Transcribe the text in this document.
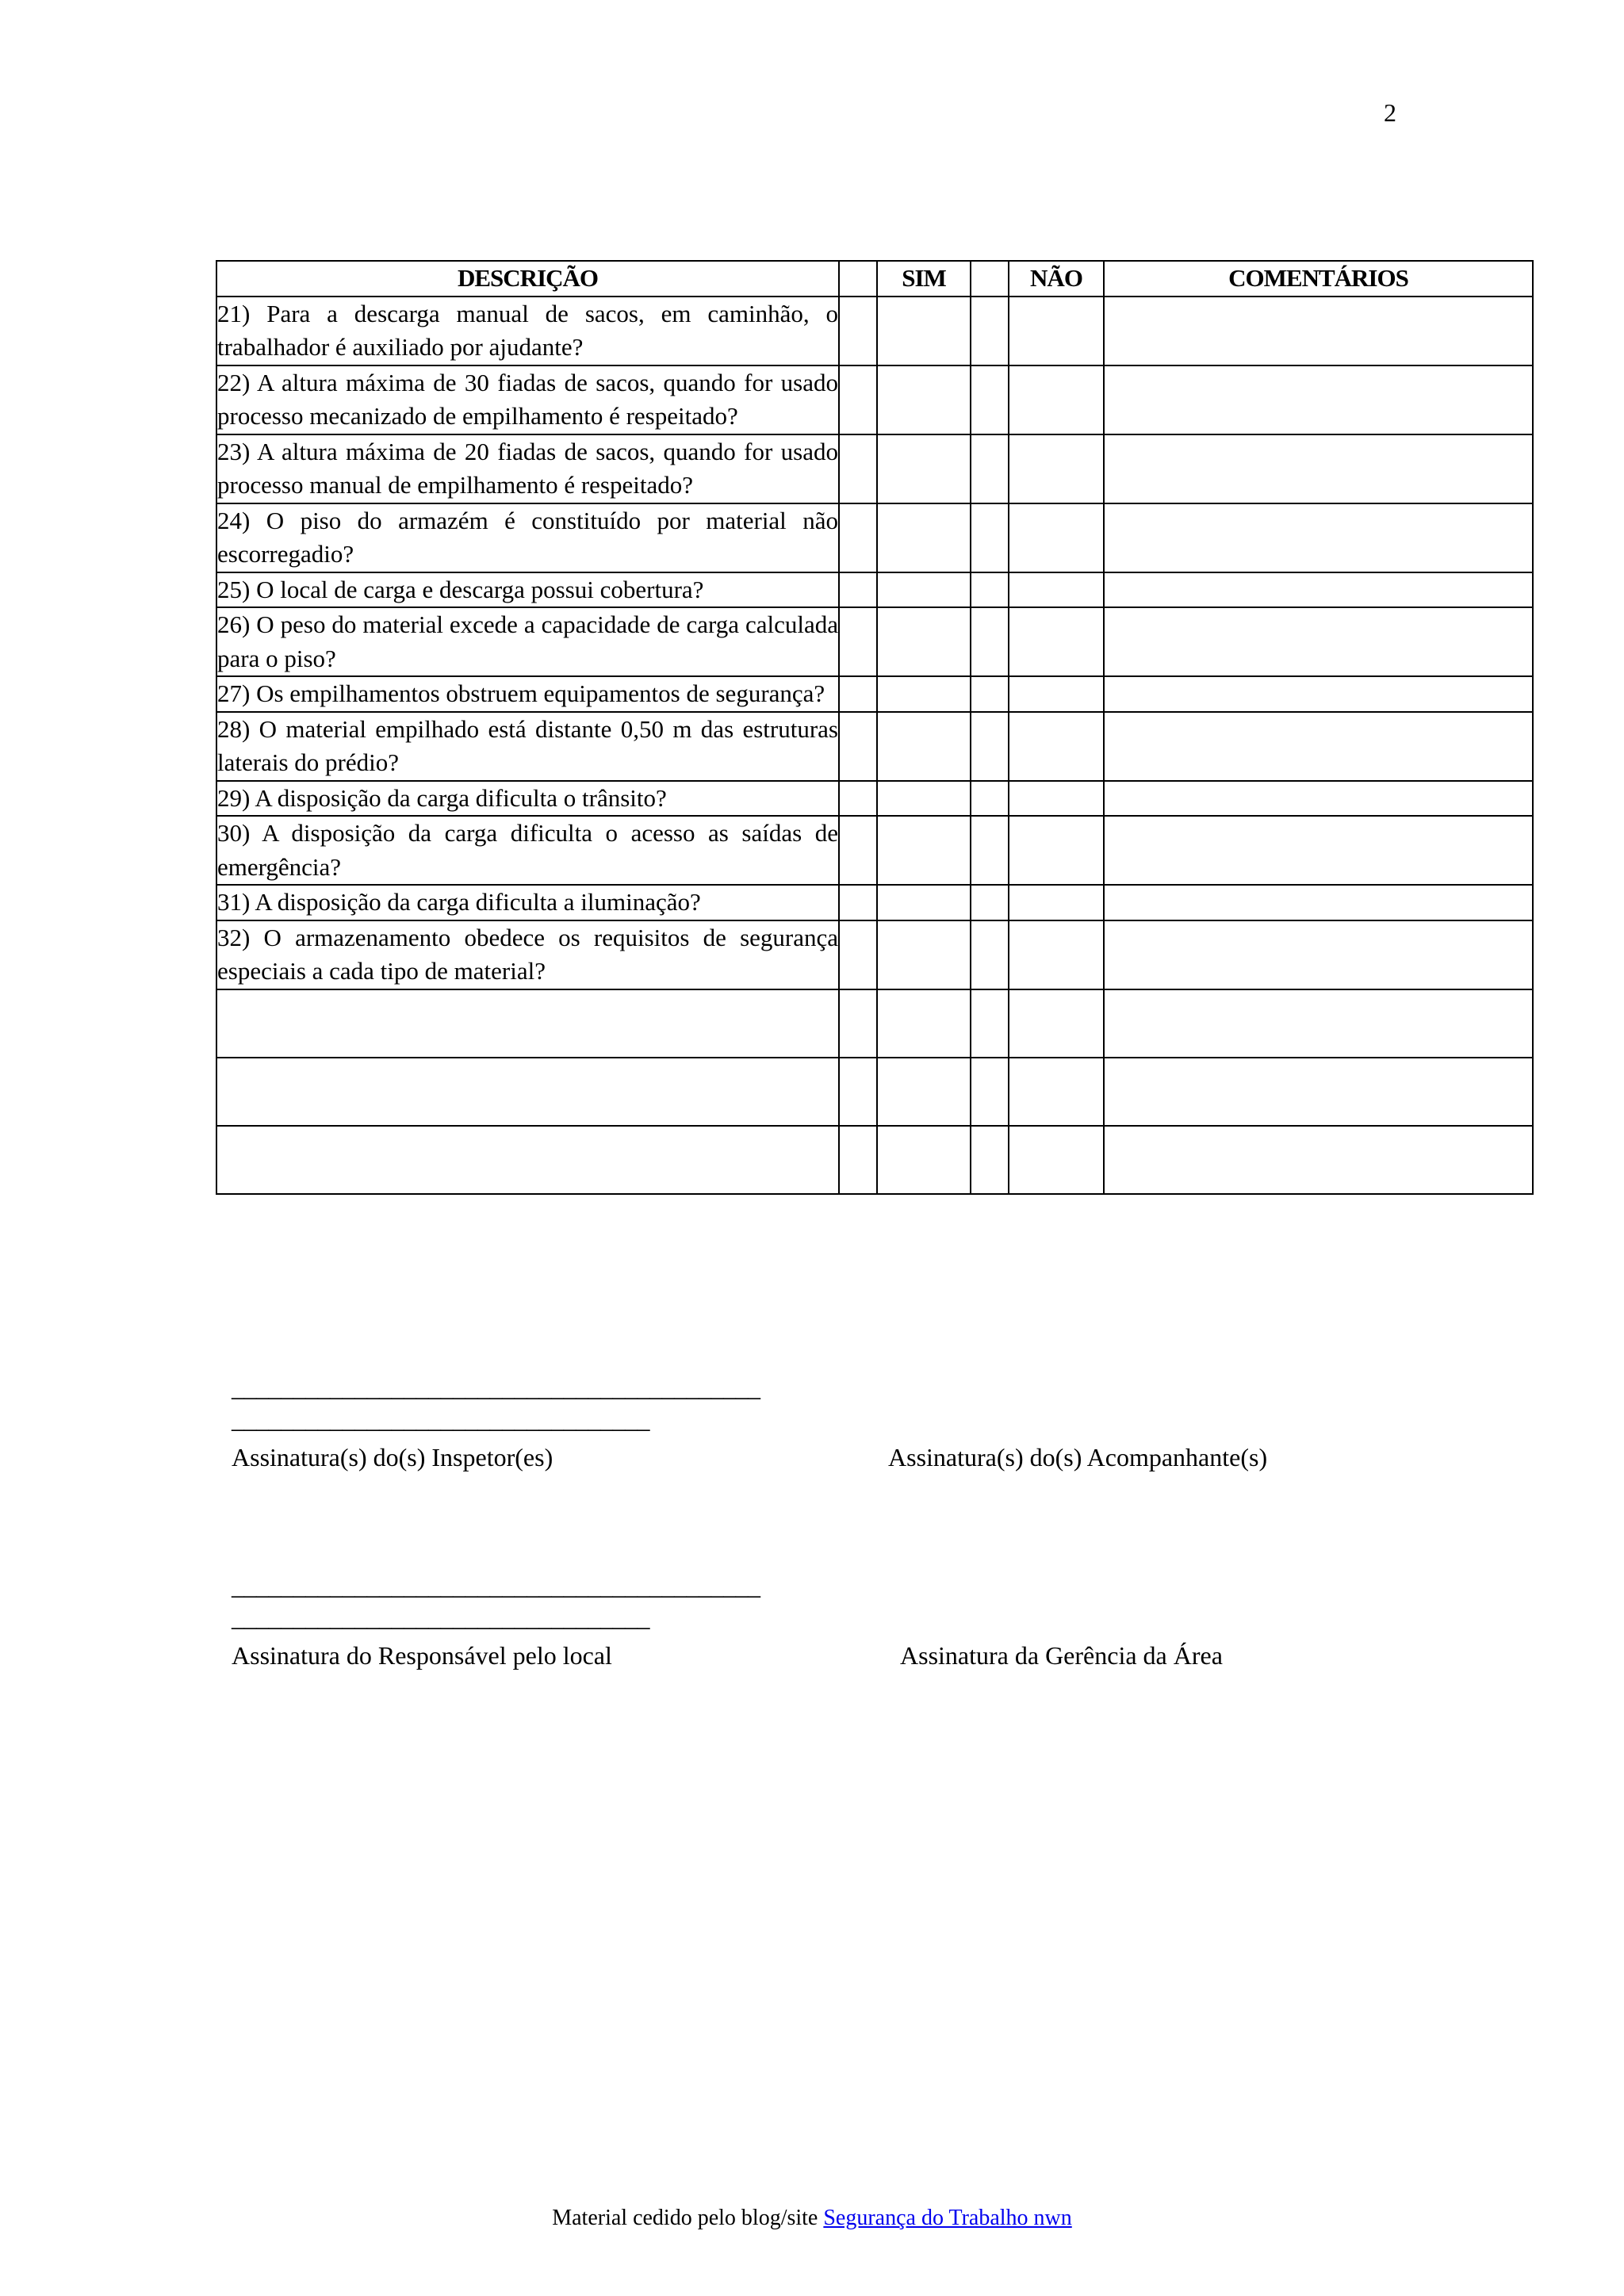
2
DESCRIÇÃO		SIM		NÃO	COMENTÁRIOS
21) Para a descarga manual de sacos, em caminhão, o trabalhador é auxiliado por ajudante?					
22) A altura máxima de 30 fiadas de sacos, quando for usado processo mecanizado de empilhamento é respeitado?					
23) A altura máxima de 20 fiadas de sacos, quando for usado processo manual de empilhamento é respeitado?					
24) O piso do armazém é constituído por material não escorregadio?					
25) O local de carga e descarga possui cobertura?					
26) O peso do material excede a capacidade de carga calculada para o piso?					
27) Os empilhamentos obstruem equipamentos de segurança?					
28) O material empilhado está distante 0,50 m das estruturas laterais do prédio?					
29) A disposição da carga dificulta o trânsito?					
30) A disposição da carga dificulta o acesso as saídas de emergência?					
31) A disposição da carga dificulta a iluminação?					
32) O armazenamento obedece os requisitos de segurança especiais a cada tipo de material?					

___________________________________________
__________________________________
Assinatura(s) do(s) Inspetor(es)	Assinatura(s) do(s) Acompanhante(s)
___________________________________________
__________________________________
Assinatura do Responsável pelo local	Assinatura da Gerência da Área
Material cedido pelo blog/site Segurança do Trabalho nwn
